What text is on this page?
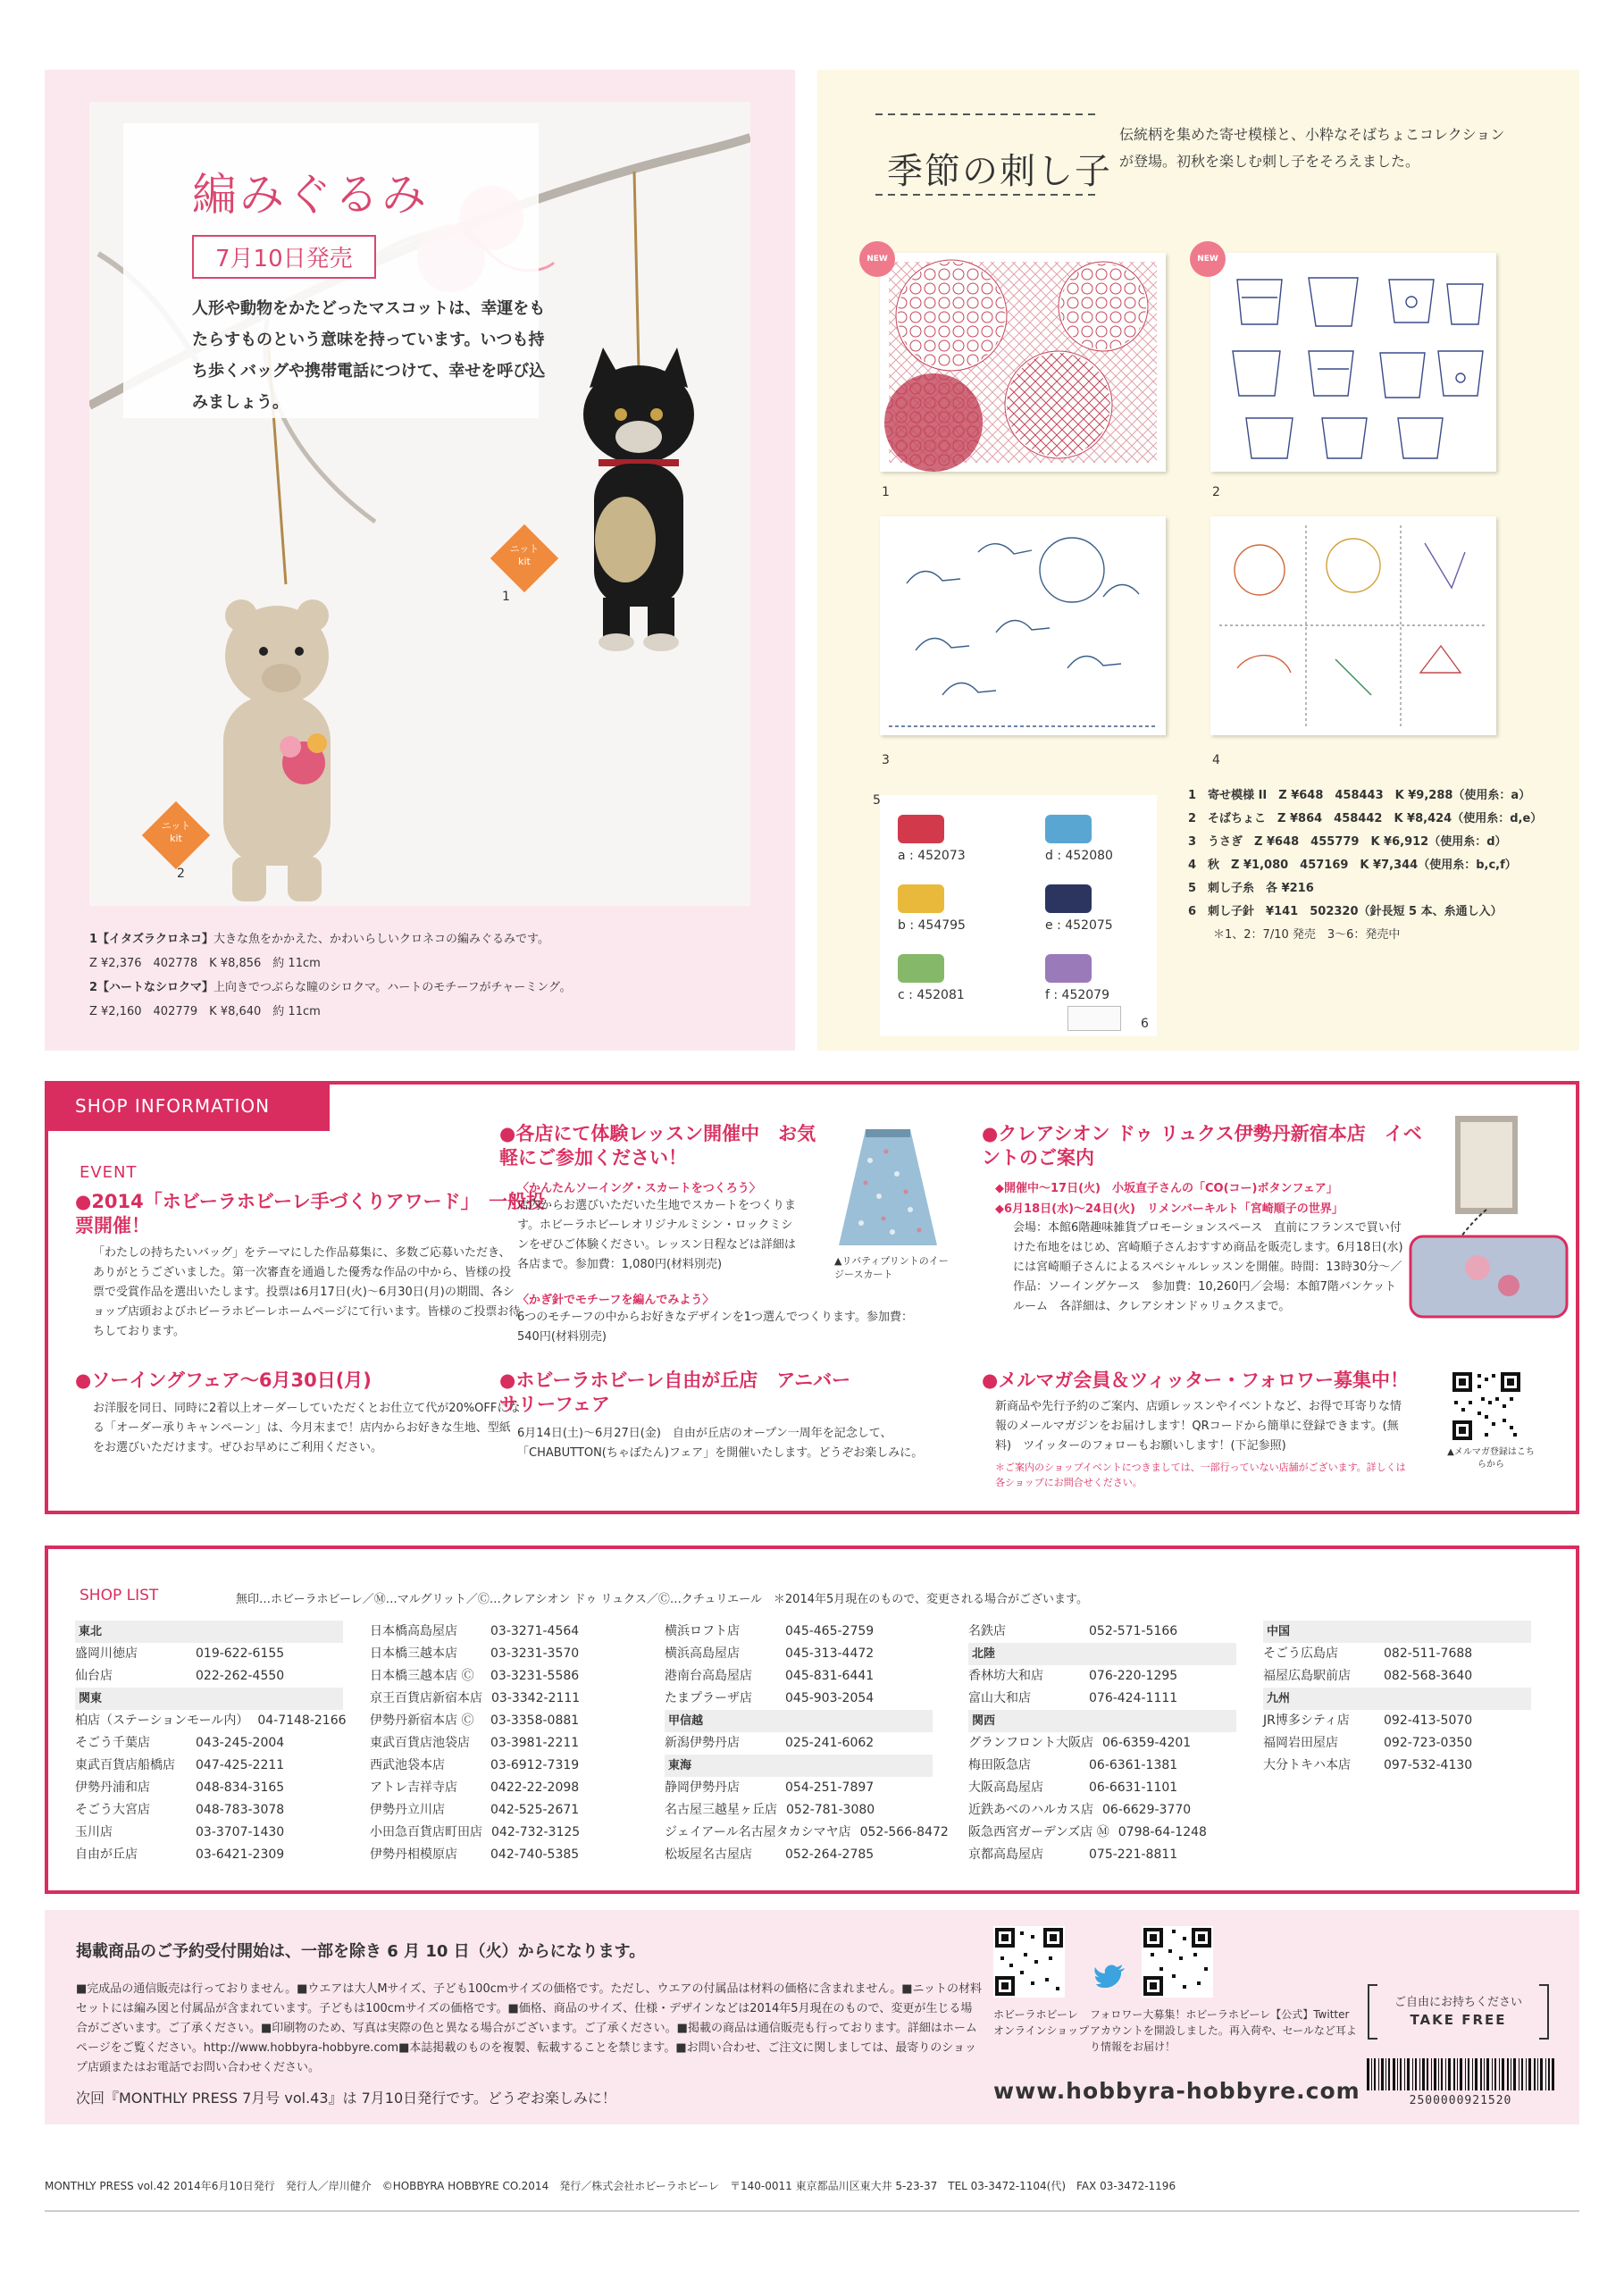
編みぐるみ
7月10日発売
人形や動物をかたどったマスコットは、幸運をもたらすものという意味を持っています。いつも持ち歩くバッグや携帯電話につけて、幸せを呼び込みましょう。
ニット
kit
1
ニット
kit
2
1【イタズラクロネコ】大きな魚をかかえた、かわいらしいクロネコの編みぐるみです。
Z ¥2,376　402778　K ¥8,856　約 11cm
2【ハートなシロクマ】上向きでつぶらな瞳のシロクマ。ハートのモチーフがチャーミング。
Z ¥2,160　402779　K ¥8,640　約 11cm
季節の刺し子
伝統柄を集めた寄せ模様と、小粋なそばちょこコレクションが登場。初秋を楽しむ刺し子をそろえました。
NEW
1
NEW
2
3	4
5
a : 452073	d : 452080
b : 454795	e : 452075
c : 452081	f : 452079
6
1　寄せ模様 II　Z ¥648　458443　K ¥9,288（使用糸：a）
2　そばちょこ　Z ¥864　458442　K ¥8,424（使用糸：d,e）
3　うさぎ　Z ¥648　455779　K ¥6,912（使用糸：d）
4　秋　Z ¥1,080　457169　K ¥7,344（使用糸：b,c,f）
5　刺し子糸　各 ¥216
6　刺し子針　¥141　502320（針長短 5 本、糸通し入）
＊1、2：7/10 発売　3～6：発売中
SHOP INFORMATION
EVENT
●2014「ホビーラホビーレ手づくりアワード」　一般投票開催！
「わたしの持ちたいバッグ」をテーマにした作品募集に、多数ご応募いただき、ありがとうございました。第一次審査を通過した優秀な作品の中から、皆様の投票で受賞作品を選出いたします。投票は6月17日(火)～6月30日(月)の期間、各ショップ店頭およびホビーラホビーレホームページにて行います。皆様のご投票お待ちしております。
●ソーイングフェア～6月30日(月)
お洋服を同日、同時に2着以上オーダーしていただくとお仕立て代が20%OFFになる「オーダー承りキャンペーン」は、今月末まで！店内からお好きな生地、型紙をお選びいただけます。ぜひお早めにご利用ください。
●各店にて体験レッスン開催中　お気軽にご参加ください！
〈かんたんソーイング・スカートをつくろう〉
店内からお選びいただいた生地でスカートをつくります。ホビーラホビーレオリジナルミシン・ロックミシンをぜひご体験ください。レッスン日程などは詳細は各店まで。参加費：1,080円(材料別売)
〈かぎ針でモチーフを編んでみよう〉
6つのモチーフの中からお好きなデザインを1つ選んでつくります。参加費：540円(材料別売)
▲リバティプリントのイージースカート
●ホビーラホビーレ自由が丘店　アニバーサリーフェア
6月14日(土)～6月27日(金)　自由が丘店のオープン一周年を記念して、「CHABUTTON(ちゃぼたん)フェア」を開催いたします。どうぞお楽しみに。
●クレアシオン ドゥ リュクス伊勢丹新宿本店　イベントのご案内
◆開催中～17日(火)　小坂直子さんの「CO(コー)ボタンフェア」
◆6月18日(水)～24日(火)　リメンバーキルト「宮崎順子の世界」
会場：本館6階趣味雑貨プロモーションスペース　直前にフランスで買い付けた布地をはじめ、宮崎順子さんおすすめ商品を販売します。6月18日(水)には宮崎順子さんによるスペシャルレッスンを開催。時間：13時30分～／作品：ソーイングケース　参加費：10,260円／会場：本館7階バンケットルーム　各詳細は、クレアシオンドゥリュクスまで。
●メルマガ会員＆ツィッター・フォロワー募集中！
新商品や先行予約のご案内、店頭レッスンやイベントなど、お得で耳寄りな情報のメールマガジンをお届けします！QRコードから簡単に登録できます。(無料)　ツイッターのフォローもお願いします！(下記参照)
＊ご案内のショップイベントにつきましては、一部行っていない店舗がございます。詳しくは各ショップにお問合せください。
▲メルマガ登録はこちらから
SHOP LIST	無印…ホビーラホビーレ／Ⓜ…マルグリット／Ⓒ…クレアシオン ドゥ リュクス／Ⓒ…クチュリエール　＊2014年5月現在のもので、変更される場合がございます。
東北
盛岡川徳店	019-622-6155
仙台店	022-262-4550
関東
柏店（ステーションモール内） 04-7148-2166
そごう千葉店	043-245-2004
東武百貨店船橋店 047-425-2211
伊勢丹浦和店	048-834-3165
そごう大宮店	048-783-3078
玉川店	03-3707-1430
自由が丘店	03-6421-2309
日本橋高島屋店	03-3271-4564
日本橋三越本店	03-3231-3570
日本橋三越本店 Ⓒ 03-3231-5586
京王百貨店新宿本店 03-3342-2111
伊勢丹新宿本店 Ⓒ 03-3358-0881
東武百貨店池袋店 03-3981-2211
西武池袋本店	03-6912-7319
アトレ吉祥寺店	0422-22-2098
伊勢丹立川店	042-525-2671
小田急百貨店町田店 042-732-3125
伊勢丹相模原店	042-740-5385
横浜ロフト店	045-465-2759
横浜高島屋店	045-313-4472
港南台高島屋店	045-831-6441
たまプラーザ店	045-903-2054
甲信越
新潟伊勢丹店	025-241-6062
東海
静岡伊勢丹店	054-251-7897
名古屋三越星ヶ丘店 052-781-3080
ジェイアール名古屋タカシマヤ店 052-566-8472
松坂屋名古屋店	052-264-2785
名鉄店	052-571-5166
北陸
香林坊大和店	076-220-1295
富山大和店	076-424-1111
関西
グランフロント大阪店 06-6359-4201
梅田阪急店	06-6361-1381
大阪高島屋店	06-6631-1101
近鉄あべのハルカス店 06-6629-3770
阪急西宮ガーデンズ店 Ⓜ 0798-64-1248
京都高島屋店	075-221-8811
中国
そごう広島店	082-511-7688
福屋広島駅前店	082-568-3640
九州
JR博多シティ店	092-413-5070
福岡岩田屋店	092-723-0350
大分トキハ本店	097-532-4130
掲載商品のご予約受付開始は、一部を除き 6 月 10 日（火）からになります。
■完成品の通信販売は行っておりません。■ウエアは大人Mサイズ、子ども100cmサイズの価格です。ただし、ウエアの付属品は材料の価格に含まれません。■ニットの材料セットには編み図と付属品が含まれています。子どもは100cmサイズの価格です。■価格、商品のサイズ、仕様・デザインなどは2014年5月現在のもので、変更が生じる場合がございます。ご了承ください。■印刷物のため、写真は実際の色と異なる場合がございます。ご了承ください。■掲載の商品は通信販売も行っております。詳細はホームページをご覧ください。http://www.hobbyra-hobbyre.com■本誌掲載のものを複製、転載することを禁じます。■お問い合わせ、ご注文に関しましては、最寄りのショップ店頭またはお電話でお問い合わせください。
次回『MONTHLY PRESS 7月号 vol.43』は 7月10日発行です。どうぞお楽しみに！
ホビーラホビーレ
オンラインショップ
フォロワー大募集！ホビーラホビーレ【公式】Twitterアカウントを開設しました。再入荷や、セールなど耳より情報をお届け！
www.hobbyra-hobbyre.com
ご自由にお持ちください
TAKE FREE
2500000921520
MONTHLY PRESS vol.42 2014年6月10日発行　発行人／岸川健介　©HOBBYRA HOBBYRE CO.2014　発行／株式会社ホビーラホビーレ　〒140-0011 東京都品川区東大井 5-23-37　TEL 03-3472-1104(代)　FAX 03-3472-1196
